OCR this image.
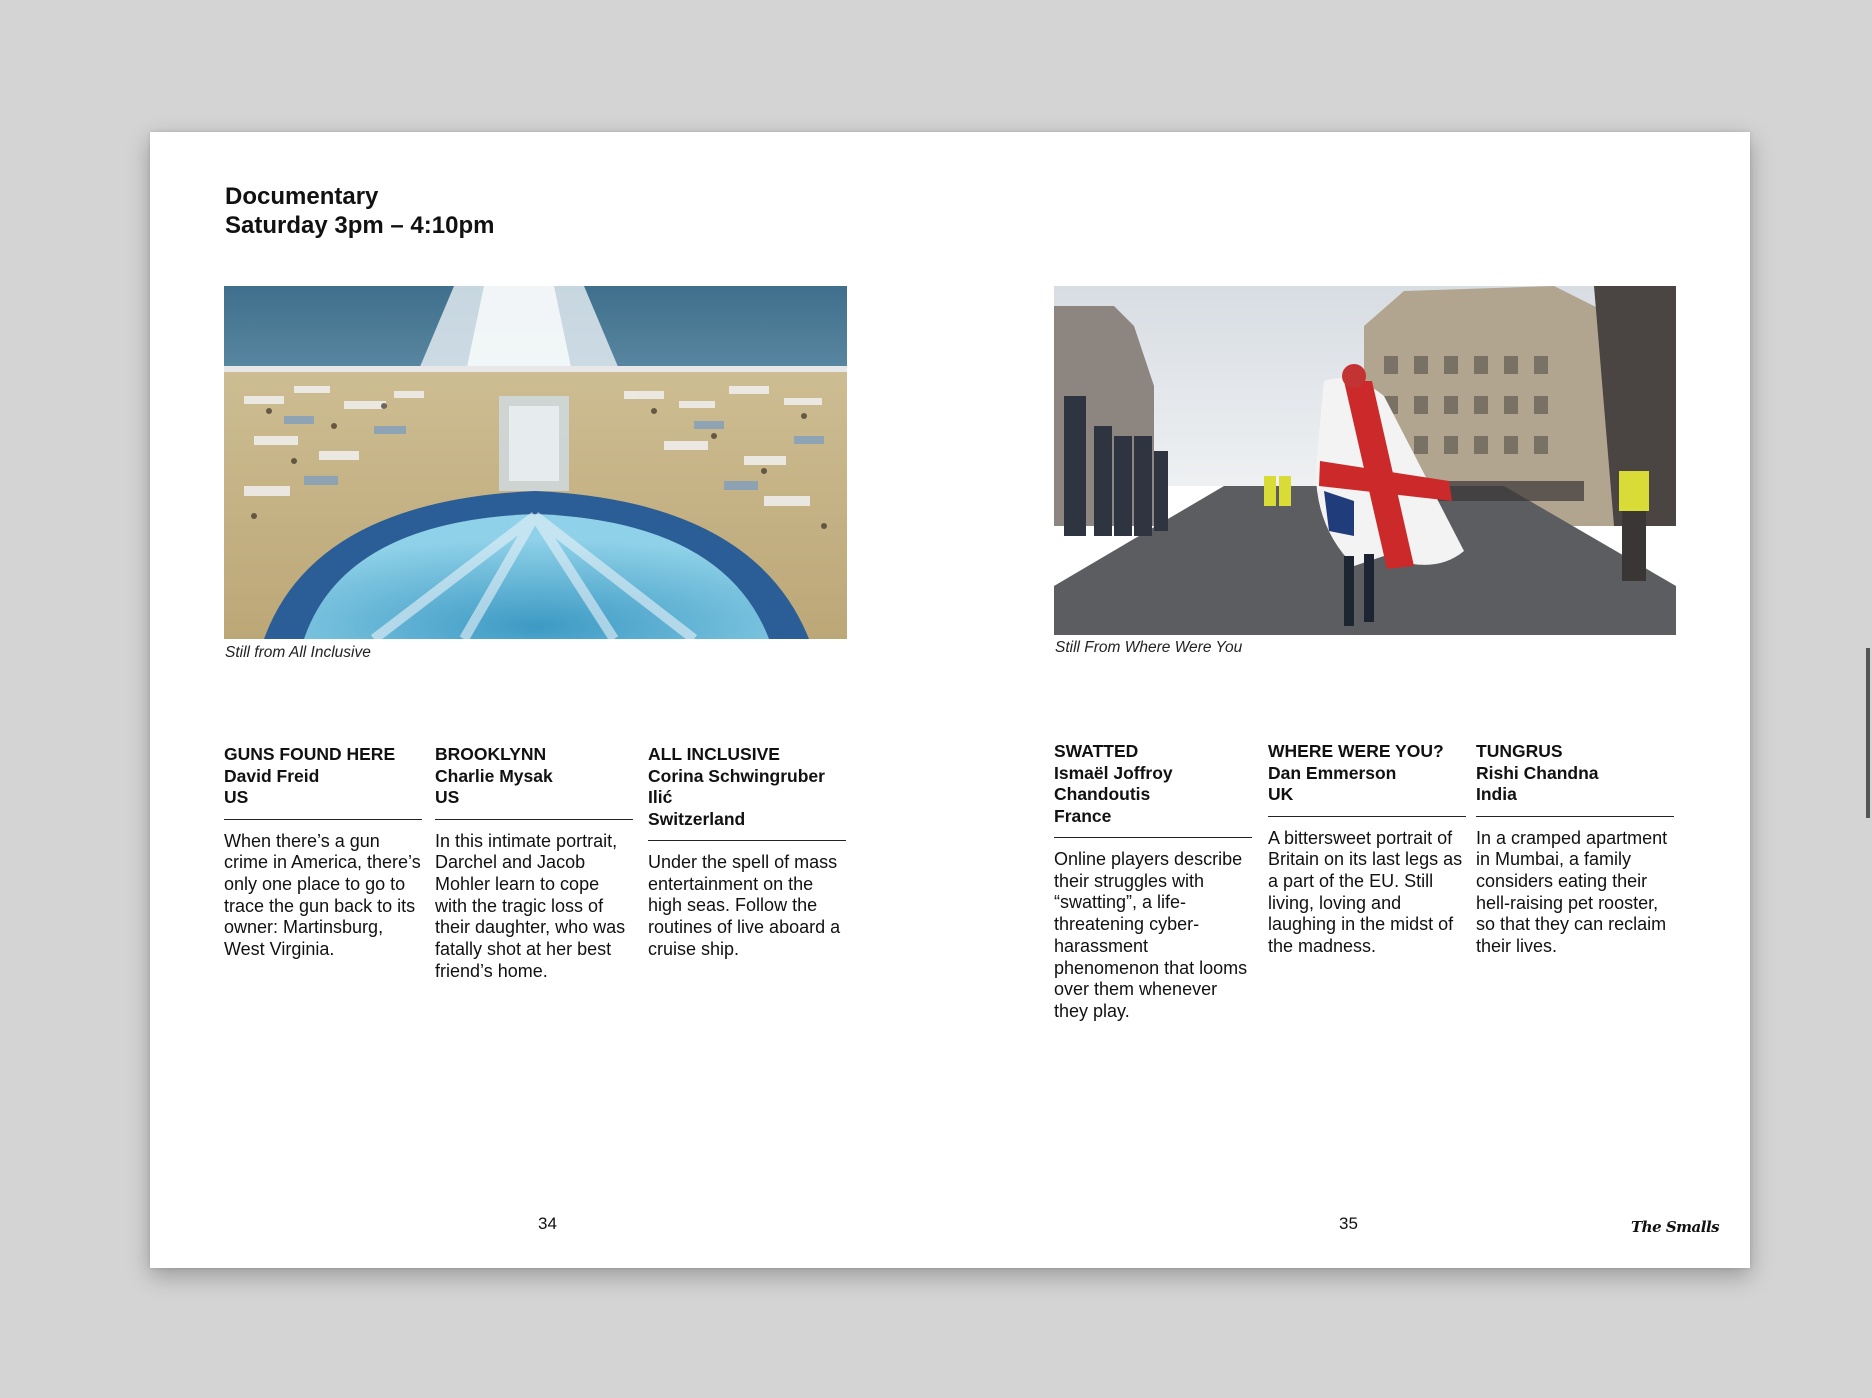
Documentary
Saturday 3pm – 4:10pm
Still from All Inclusive	Still From Where Were You
GUNS FOUND HERE
David Freid
US
When there’s a gun crime in America, there’s only one place to go to trace the gun back to its owner: Martinsburg, West Virginia.
BROOKLYNN
Charlie Mysak
US
In this intimate portrait, Darchel and Jacob Mohler learn to cope with the tragic loss of their daughter, who was fatally shot at her best friend’s home.
ALL INCLUSIVE
Corina Schwingruber
Ilić
Switzerland
Under the spell of mass entertainment on the high seas. Follow the routines of live aboard a cruise ship.
SWATTED
Ismaël Joffroy
Chandoutis
France
Online players describe their struggles with “swatting”, a life-threatening cyber-harassment phenomenon that looms over them whenever they play.
WHERE WERE YOU?
Dan Emmerson
UK
A bittersweet portrait of Britain on its last legs as a part of the EU. Still living, loving and laughing in the midst of the madness.
TUNGRUS
Rishi Chandna
India
In a cramped apartment in Mumbai, a family considers eating their hell-raising pet rooster, so that they can reclaim their lives.
34	35	The Smalls
